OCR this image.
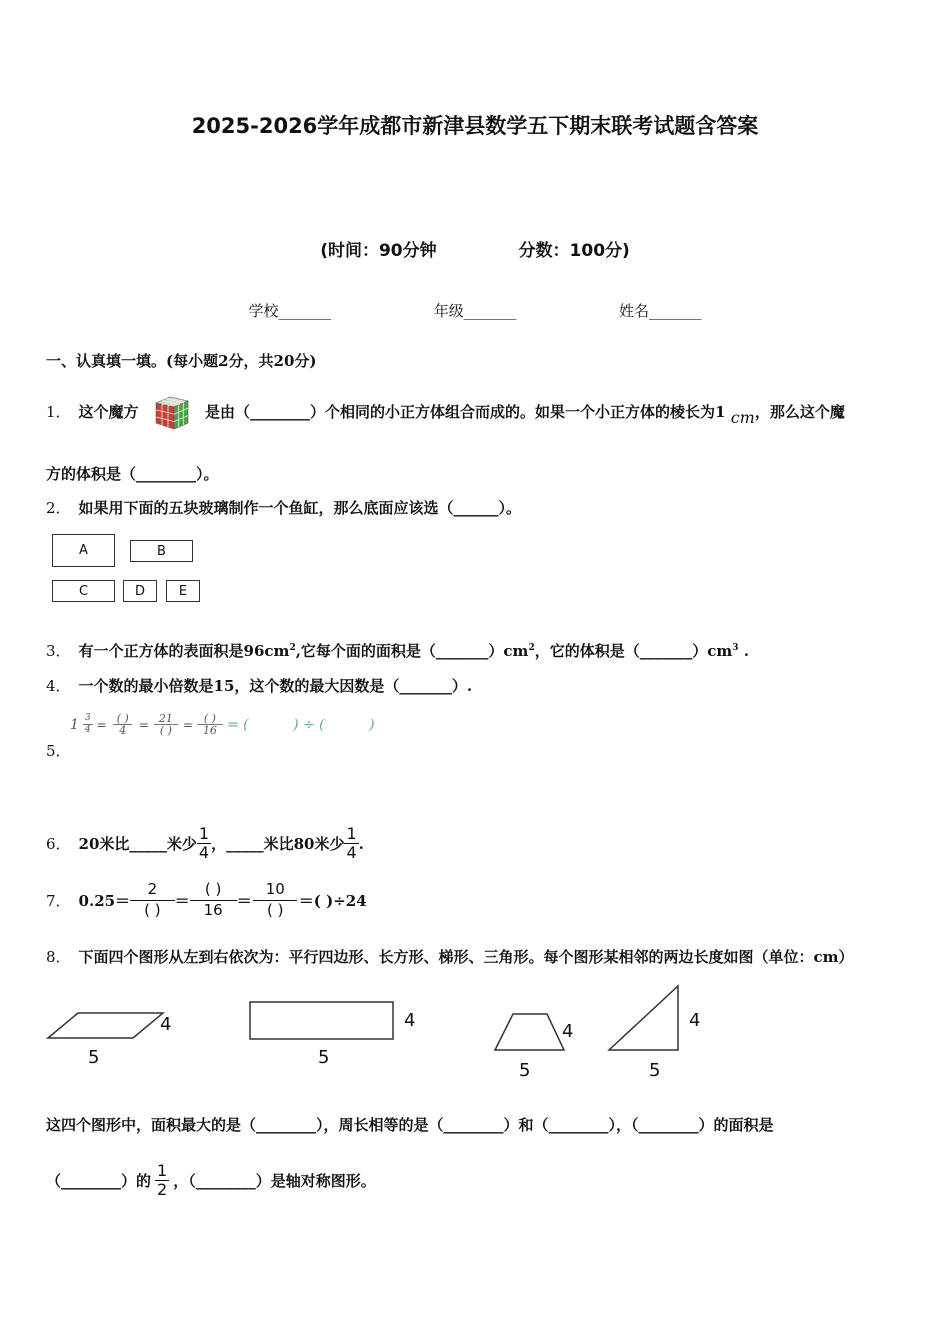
2025-2026学年成都市新津县数学五下期末联考试题含答案
(时间：90分钟	分数：100分)
学校_______	年级_______	姓名_______
一、认真填一填。(每小题2分，共20分)
1． 这个魔方	是由（________）个相同的小正方体组合而成的。如果一个小正方体的棱长为1 cm，那么这个魔
方的体积是（________）。
2． 如果用下面的五块玻璃制作一个鱼缸，那么底面应该选（______）。
A	B
C	D	E
3． 有一个正方体的表面积是$96cm^2$,它每个面的面积是$(\_\_\_\_\_\_\_)cm^2$，它的体积是$(\_\_\_\_\_\_\_)cm^3$ .
4． 一个数的最小倍数是15，这个数的最大因数是（_______）.
5．
$1 \frac{3}{4} = \frac{( )}{4} = \frac{21}{( )} = \frac{( )}{16}$ = (          ) ÷ (          )
6． 20米比_____米少 $\frac{1}{4}$ ，_____米比80米少 $\frac{1}{4}$ .
7． 0.25＝
2
( ) ＝
( )
16 ＝
10
( )	＝( )÷24
8． 下面四个图形从左到右依次为：平行四边形、长方形、梯形、三角形。每个图形某相邻的两边长度如图（单位：cm）
4
5
4
5
4
5
4
5
这四个图形中，面积最大的是（________），周长相等的是（________）和（________），（________）的面积是
（________）的 $\frac{1}{2}$ ，（________）是轴对称图形。
